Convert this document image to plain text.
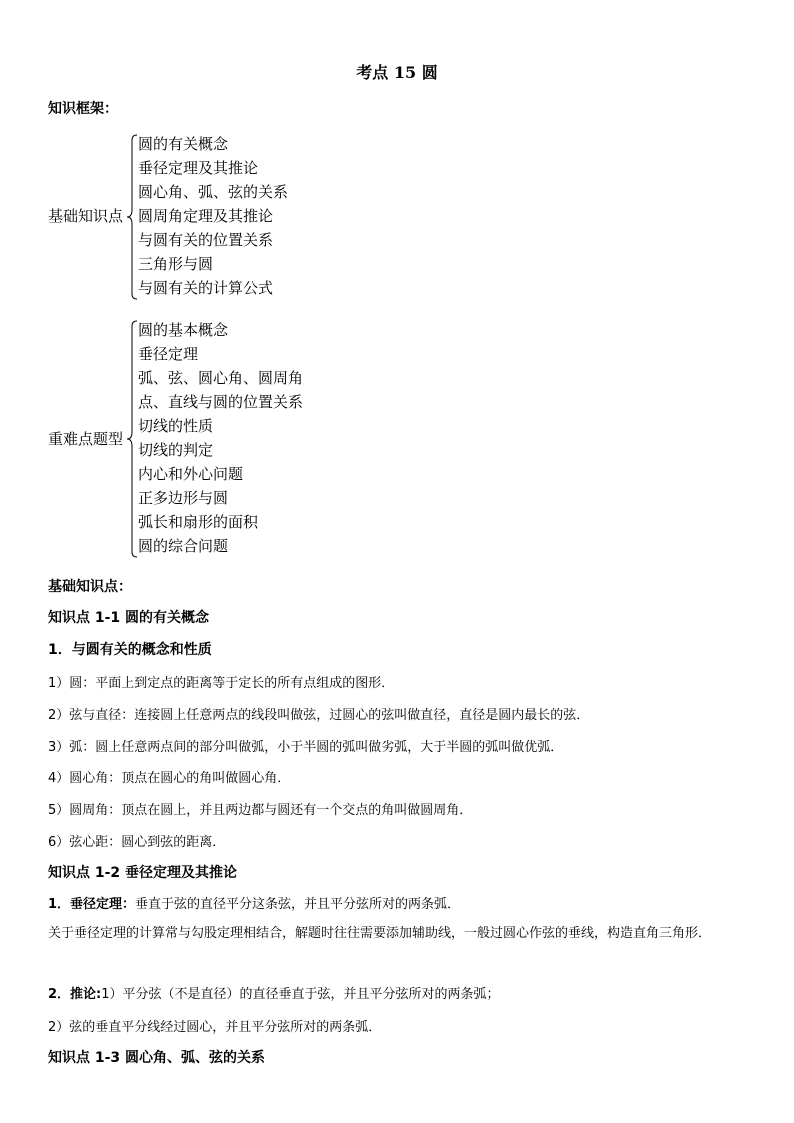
考点 15 圆
知识框架：
基础知识点
圆的有关概念
垂径定理及其推论
圆心角、弧、弦的关系
圆周角定理及其推论
与圆有关的位置关系
三角形与圆
与圆有关的计算公式
重难点题型
圆的基本概念
垂径定理
弧、弦、圆心角、圆周角
点、直线与圆的位置关系
切线的性质
切线的判定
内心和外心问题
正多边形与圆
弧长和扇形的面积
圆的综合问题
基础知识点：
知识点 1-1 圆的有关概念
1．与圆有关的概念和性质
1）圆：平面上到定点的距离等于定长的所有点组成的图形．
2）弦与直径：连接圆上任意两点的线段叫做弦，过圆心的弦叫做直径，直径是圆内最长的弦．
3）弧：圆上任意两点间的部分叫做弧，小于半圆的弧叫做劣弧，大于半圆的弧叫做优弧．
4）圆心角：顶点在圆心的角叫做圆心角．
5）圆周角：顶点在圆上，并且两边都与圆还有一个交点的角叫做圆周角．
6）弦心距：圆心到弦的距离．
知识点 1-2 垂径定理及其推论
1．垂径定理：垂直于弦的直径平分这条弦，并且平分弦所对的两条弧．
关于垂径定理的计算常与勾股定理相结合，解题时往往需要添加辅助线，一般过圆心作弦的垂线，构造直角三角形．
2．推论:1）平分弦（不是直径）的直径垂直于弦，并且平分弦所对的两条弧；
2）弦的垂直平分线经过圆心，并且平分弦所对的两条弧．
知识点 1-3 圆心角、弧、弦的关系
